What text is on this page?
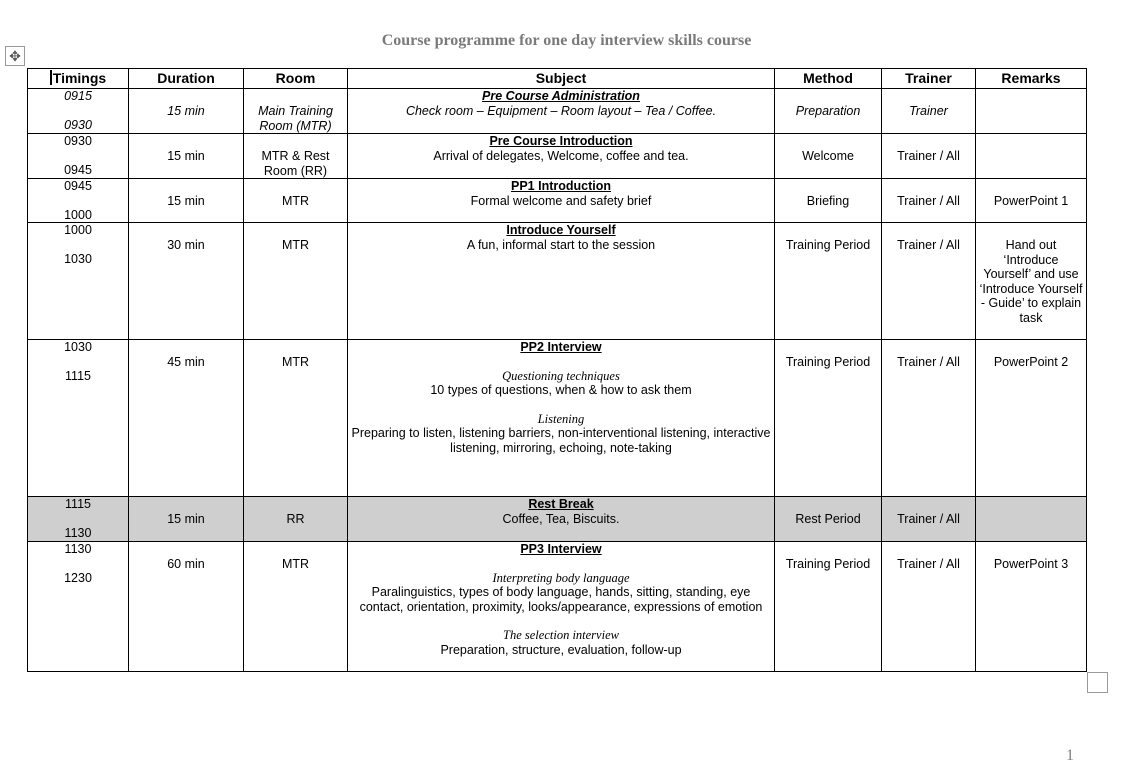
Course programme for one day interview skills course
✥
Timings	Duration	Room	Subject	Method	Trainer	Remarks

0915
0930	15 min	Main Training Room (MTR)	Pre Course Administration
Check room – Equipment – Room layout – Tea / Coffee.	Preparation	Trainer	

0930
0945	15 min	MTR & Rest Room (RR)	Pre Course Introduction
Arrival of delegates, Welcome, coffee and tea.	Welcome	Trainer / All	

0945
1000	15 min	MTR	PP1 Introduction
Formal welcome and safety brief	Briefing	Trainer / All	PowerPoint 1

1000
1030	30 min	MTR	Introduce Yourself
A fun, informal start to the session	Training Period	Trainer / All	Hand out ‘Introduce Yourself’ and use ‘Introduce Yourself - Guide’ to explain task

1030
1115	45 min	MTR	PP2 Interview
Questioning techniques
10 types of questions, when & how to ask them
Listening
Preparing to listen, listening barriers, non-interventional listening, interactive listening, mirroring, echoing, note-taking	Training Period	Trainer / All	PowerPoint 2

1115
1130	15 min	RR	Rest Break
Coffee, Tea, Biscuits.	Rest Period	Trainer / All	

1130
1230	60 min	MTR	PP3 Interview
Interpreting body language
Paralinguistics, types of body language, hands, sitting, standing, eye contact, orientation, proximity, looks/appearance, expressions of emotion
The selection interview
Preparation, structure, evaluation, follow-up	Training Period	Trainer / All	PowerPoint 3
1
